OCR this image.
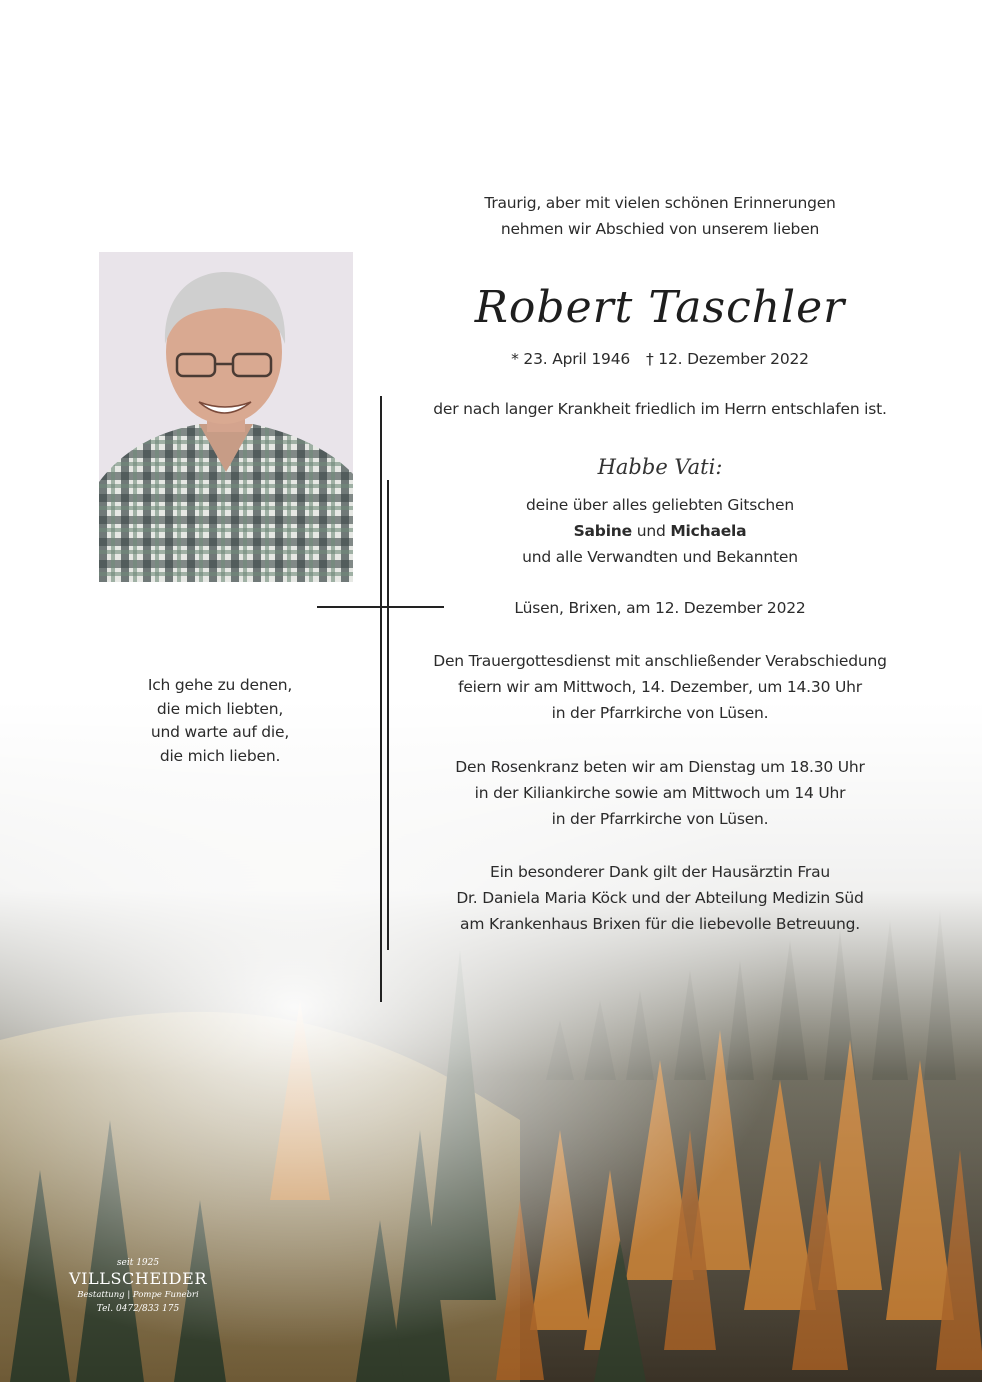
Traurig, aber mit vielen schönen Erinnerungen
nehmen wir Abschied von unserem lieben
Robert Taschler
* 23. April 1946 † 12. Dezember 2022
der nach langer Krankheit friedlich im Herrn entschlafen ist.
Habbe Vati:
deine über alles geliebten Gitschen
Sabine und Michaela
und alle Verwandten und Bekannten
Lüsen, Brixen, am 12. Dezember 2022
Den Trauergottesdienst mit anschließender Verabschiedung
feiern wir am Mittwoch, 14. Dezember, um 14.30 Uhr
in der Pfarrkirche von Lüsen.
Den Rosenkranz beten wir am Dienstag um 18.30 Uhr
in der Kiliankirche sowie am Mittwoch um 14 Uhr
in der Pfarrkirche von Lüsen.
Ein besonderer Dank gilt der Hausärztin Frau
Dr. Daniela Maria Köck und der Abteilung Medizin Süd
am Krankenhaus Brixen für die liebevolle Betreuung.
Ich gehe zu denen,
die mich liebten,
und warte auf die,
die mich lieben.
seit 1925
VILLSCHEIDER
Bestattung | Pompe Funebri
Tel. 0472/833 175
